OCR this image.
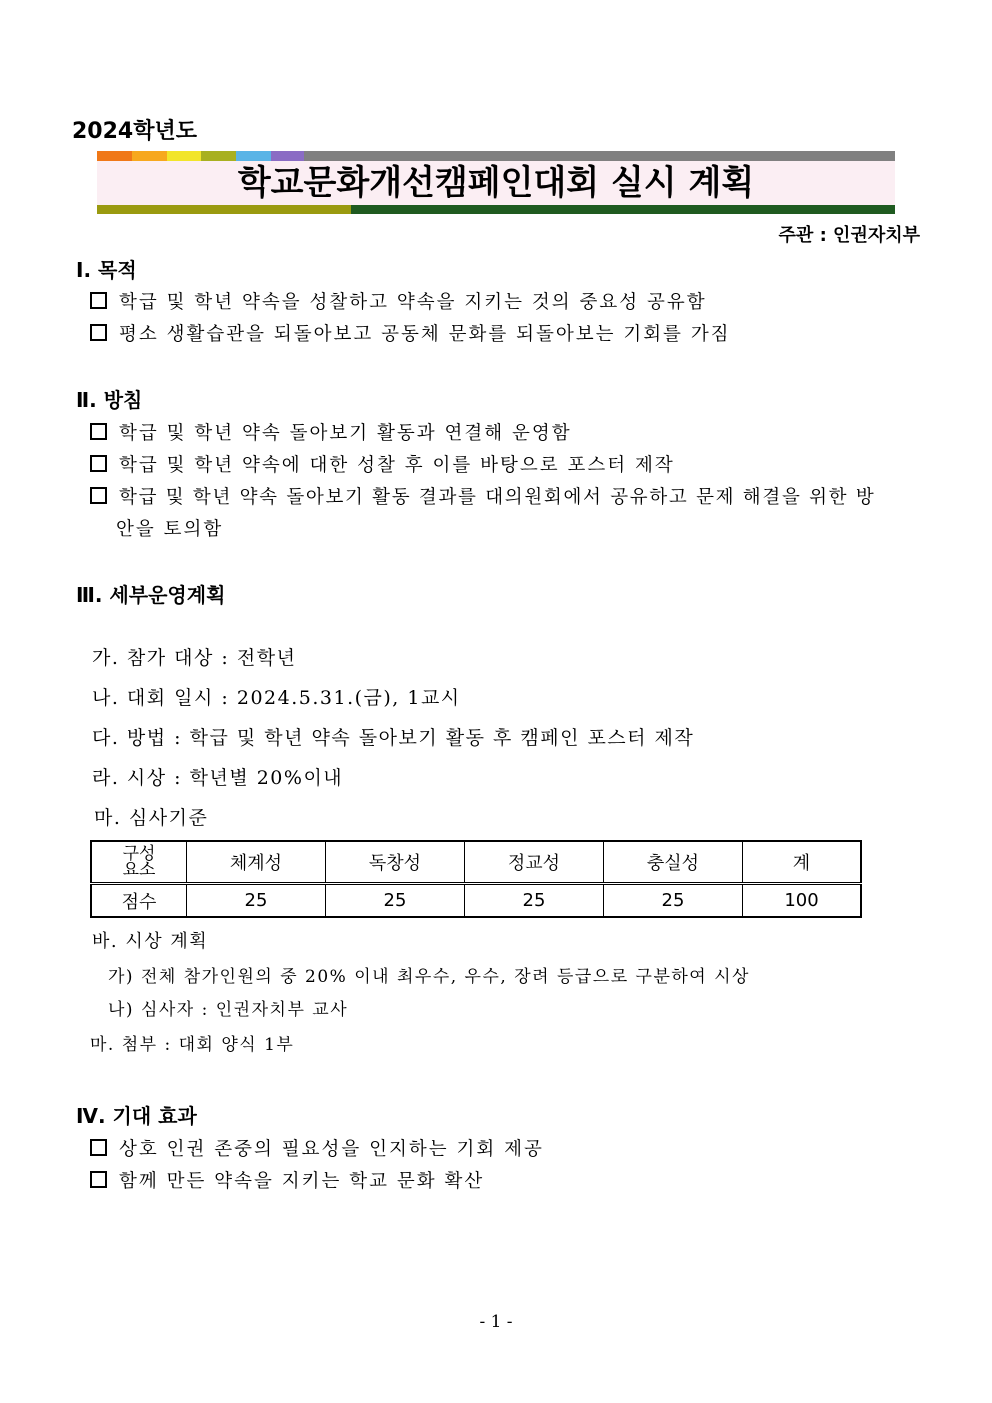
2024학년도
학교문화개선캠페인대회 실시 계획
주관 : 인권자치부
Ⅰ. 목적
학급 및 학년 약속을 성찰하고 약속을 지키는 것의 중요성 공유함
평소 생활습관을 되돌아보고 공동체 문화를 되돌아보는 기회를 가짐
Ⅱ. 방침
학급 및 학년 약속 돌아보기 활동과 연결해 운영함
학급 및 학년 약속에 대한 성찰 후 이를 바탕으로 포스터 제작
학급 및 학년 약속 돌아보기 활동 결과를 대의원회에서 공유하고 문제 해결을 위한 방
안을 토의함
Ⅲ. 세부운영계획
가. 참가 대상 : 전학년
나. 대회 일시 : 2024.5.31.(금), 1교시
다. 방법 : 학급 및 학년 약속 돌아보기 활동 후 캠페인 포스터 제작
라. 시상 : 학년별 20%이내
마. 심사기준
구성
요소	체계성	독창성	정교성	충실성	계
점수	25	25	25	25	100
바. 시상 계획
가) 전체 참가인원의 중 20% 이내 최우수, 우수, 장려 등급으로 구분하여 시상
나) 심사자 : 인권자치부 교사
마. 첨부 : 대회 양식 1부
Ⅳ. 기대 효과
상호 인권 존중의 필요성을 인지하는 기회 제공
함께 만든 약속을 지키는 학교 문화 확산
- 1 -
